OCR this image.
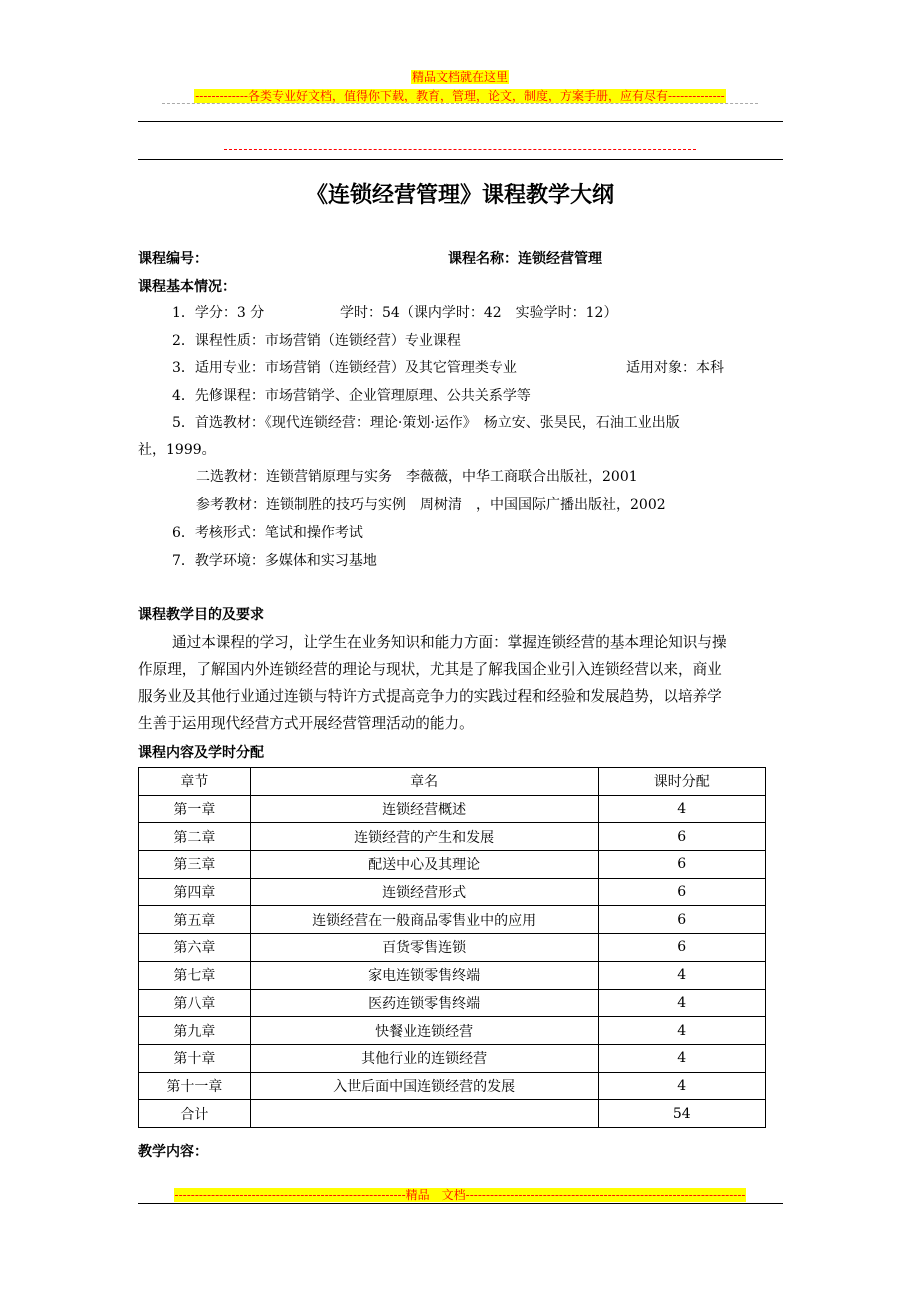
精品文档就在这里
-------------各类专业好文档，值得你下载，教育，管理，论文，制度，方案手册，应有尽有--------------
《连锁经营管理》课程教学大纲
课程编号：	课程名称：连锁经营管理
课程基本情况：
1．学分：3 分	学时：54（课内学时：42　实验学时：12）
2．课程性质：市场营销（连锁经营）专业课程
3．适用专业：市场营销（连锁经营）及其它管理类专业	适用对象：本科
4．先修课程：市场营销学、企业管理原理、公共关系学等
5．首选教材：《现代连锁经营：理论·策划·运作》　杨立安、张昊民，石油工业出版
社，1999。
二选教材：连锁营销原理与实务　李薇薇，中华工商联合出版社，2001
参考教材：连锁制胜的技巧与实例　周树清　，中国国际广播出版社，2002
6．考核形式：笔试和操作考试
7．教学环境：多媒体和实习基地
课程教学目的及要求
通过本课程的学习，让学生在业务知识和能力方面：掌握连锁经营的基本理论知识与操
作原理，了解国内外连锁经营的理论与现状，尤其是了解我国企业引入连锁经营以来，商业
服务业及其他行业通过连锁与特许方式提高竞争力的实践过程和经验和发展趋势，以培养学
生善于运用现代经营方式开展经营管理活动的能力。
课程内容及学时分配
章节	章名	课时分配
第一章	连锁经营概述	4
第二章	连锁经营的产生和发展	6
第三章	配送中心及其理论	6
第四章	连锁经营形式	6
第五章	连锁经营在一般商品零售业中的应用	6
第六章	百货零售连锁	6
第七章	家电连锁零售终端	4
第八章	医药连锁零售终端	4
第九章	快餐业连锁经营	4
第十章	其他行业的连锁经营	4
第十一章	入世后面中国连锁经营的发展	4
合计		54
教学内容：
---------------------------------------------------------精品　文档---------------------------------------------------------------------
